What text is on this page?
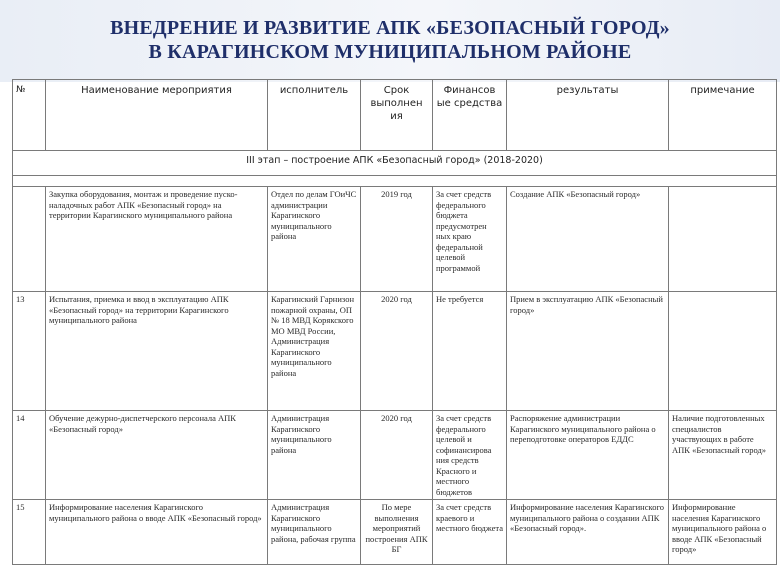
ВНЕДРЕНИЕ И РАЗВИТИЕ АПК «БЕЗОПАСНЫЙ ГОРОД»
В КАРАГИНСКОМ МУНИЦИПАЛЬНОМ РАЙОНЕ
№	Наименование мероприятия	исполнитель	Срок выполнен ия	Финансов ые средства	результаты	примечание
III этап – построение АПК «Безопасный город» (2018-2020)						

	Закупка оборудования, монтаж и проведение пуско-наладочных работ АПК «Безопасный город» на территории Карагинского муниципального района	Отдел по делам ГОиЧС администрации Карагинского муниципального района	2019 год	За счет средств федерального бюджета предусмотрен ных краю федеральной целевой программой	Создание АПК «Безопасный город»	
13	Испытания, приемка и ввод в эксплуатацию АПК «Безопасный город» на территории Карагинского муниципального района	Карагинский Гарнизон пожарной охраны, ОП № 18 МВД Корякского МО МВД России, Администрация Карагинского муниципального района	2020 год	Не требуется	Прием в эксплуатацию АПК «Безопасный город»	
14	Обучение дежурно-диспетчерского персонала АПК «Безопасный город»	Администрация Карагинского муниципального района	2020 год	За счет средств федерального целевой и софинансирова ния средств Красного и местного бюджетов	Распоряжение администрации Карагинского муниципального района о переподготовке операторов ЕДДС	Наличие подготовленных специалистов участвующих в работе АПК «Безопасный город»
15	Информирование населения Карагинского муниципального района о вводе АПК «Безопасный город»	Администрация Карагинского муниципального района, рабочая группа	По мере выполнения мероприятий построения АПК БГ	За счет средств краевого и местного бюджета	Информирование населения Карагинского муниципального района о создании АПК «Безопасный город».	Информирование населения Карагинского муниципального района о вводе АПК «Безопасный город»
